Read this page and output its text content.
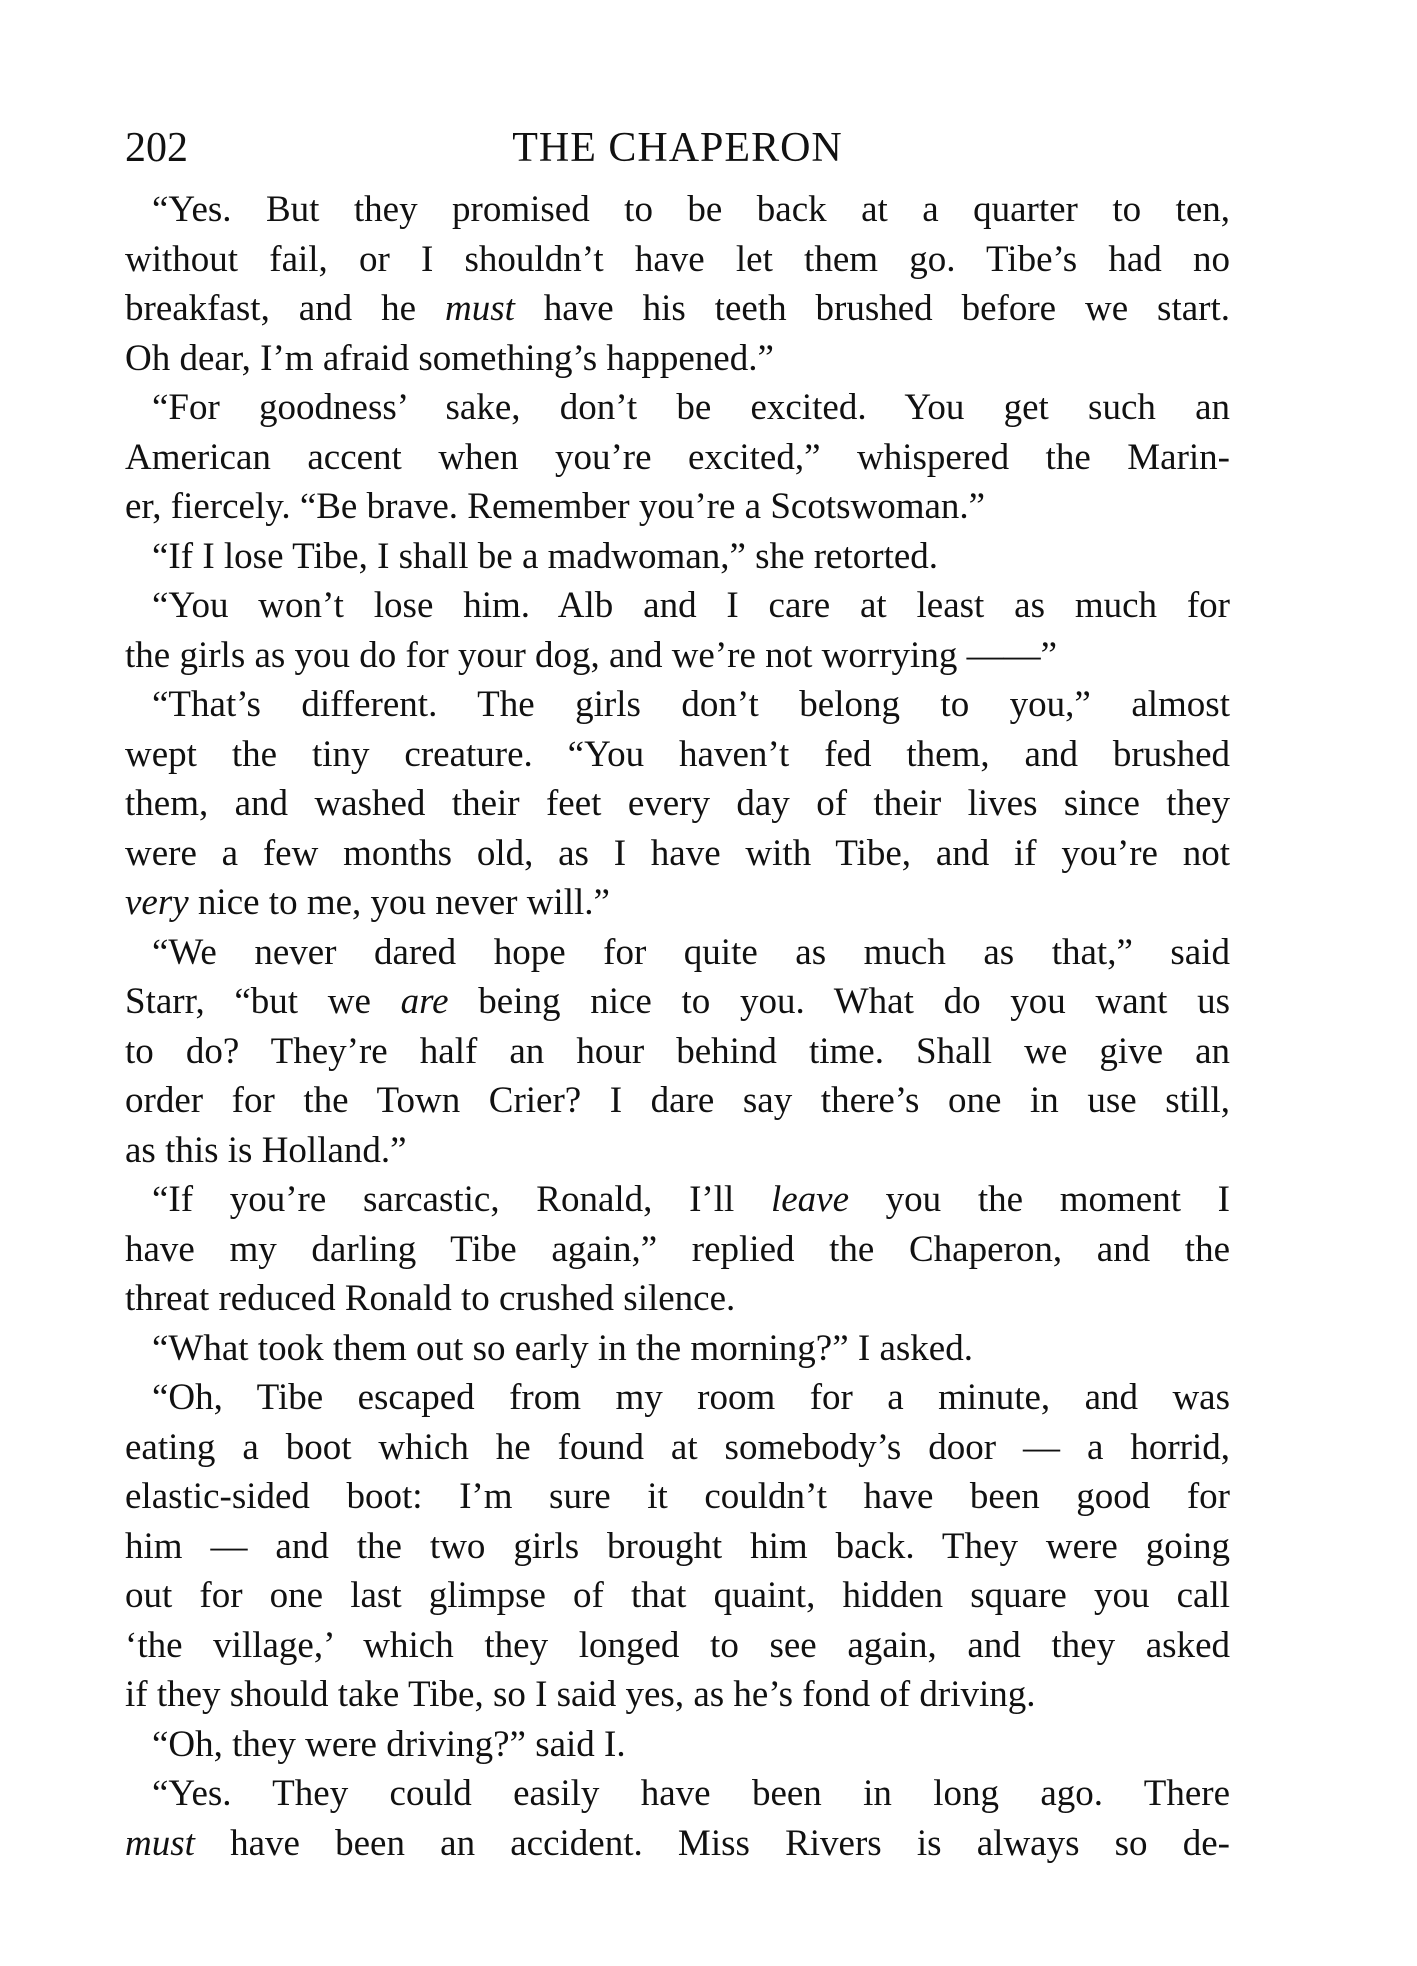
202	THE CHAPERON
“Yes. But they promised to be back at a quarter to ten,
without fail, or I shouldn’t have let them go. Tibe’s had no
breakfast, and he must have his teeth brushed before we start.
Oh dear, I’m afraid something’s happened.”
“For goodness’ sake, don’t be excited. You get such an
American accent when you’re excited,” whispered the Marin-
er, fiercely. “Be brave. Remember you’re a Scotswoman.”
“If I lose Tibe, I shall be a madwoman,” she retorted.
“You won’t lose him. Alb and I care at least as much for
the girls as you do for your dog, and we’re not worrying ——”
“That’s different. The girls don’t belong to you,” almost
wept the tiny creature. “You haven’t fed them, and brushed
them, and washed their feet every day of their lives since they
were a few months old, as I have with Tibe, and if you’re not
very nice to me, you never will.”
“We never dared hope for quite as much as that,” said
Starr, “but we are being nice to you. What do you want us
to do? They’re half an hour behind time. Shall we give an
order for the Town Crier? I dare say there’s one in use still,
as this is Holland.”
“If you’re sarcastic, Ronald, I’ll leave you the moment I
have my darling Tibe again,” replied the Chaperon, and the
threat reduced Ronald to crushed silence.
“What took them out so early in the morning?” I asked.
“Oh, Tibe escaped from my room for a minute, and was
eating a boot which he found at somebody’s door — a horrid,
elastic-sided boot: I’m sure it couldn’t have been good for
him — and the two girls brought him back. They were going
out for one last glimpse of that quaint, hidden square you call
‘the village,’ which they longed to see again, and they asked
if they should take Tibe, so I said yes, as he’s fond of driving.
“Oh, they were driving?” said I.
“Yes. They could easily have been in long ago. There
must have been an accident. Miss Rivers is always so de-
